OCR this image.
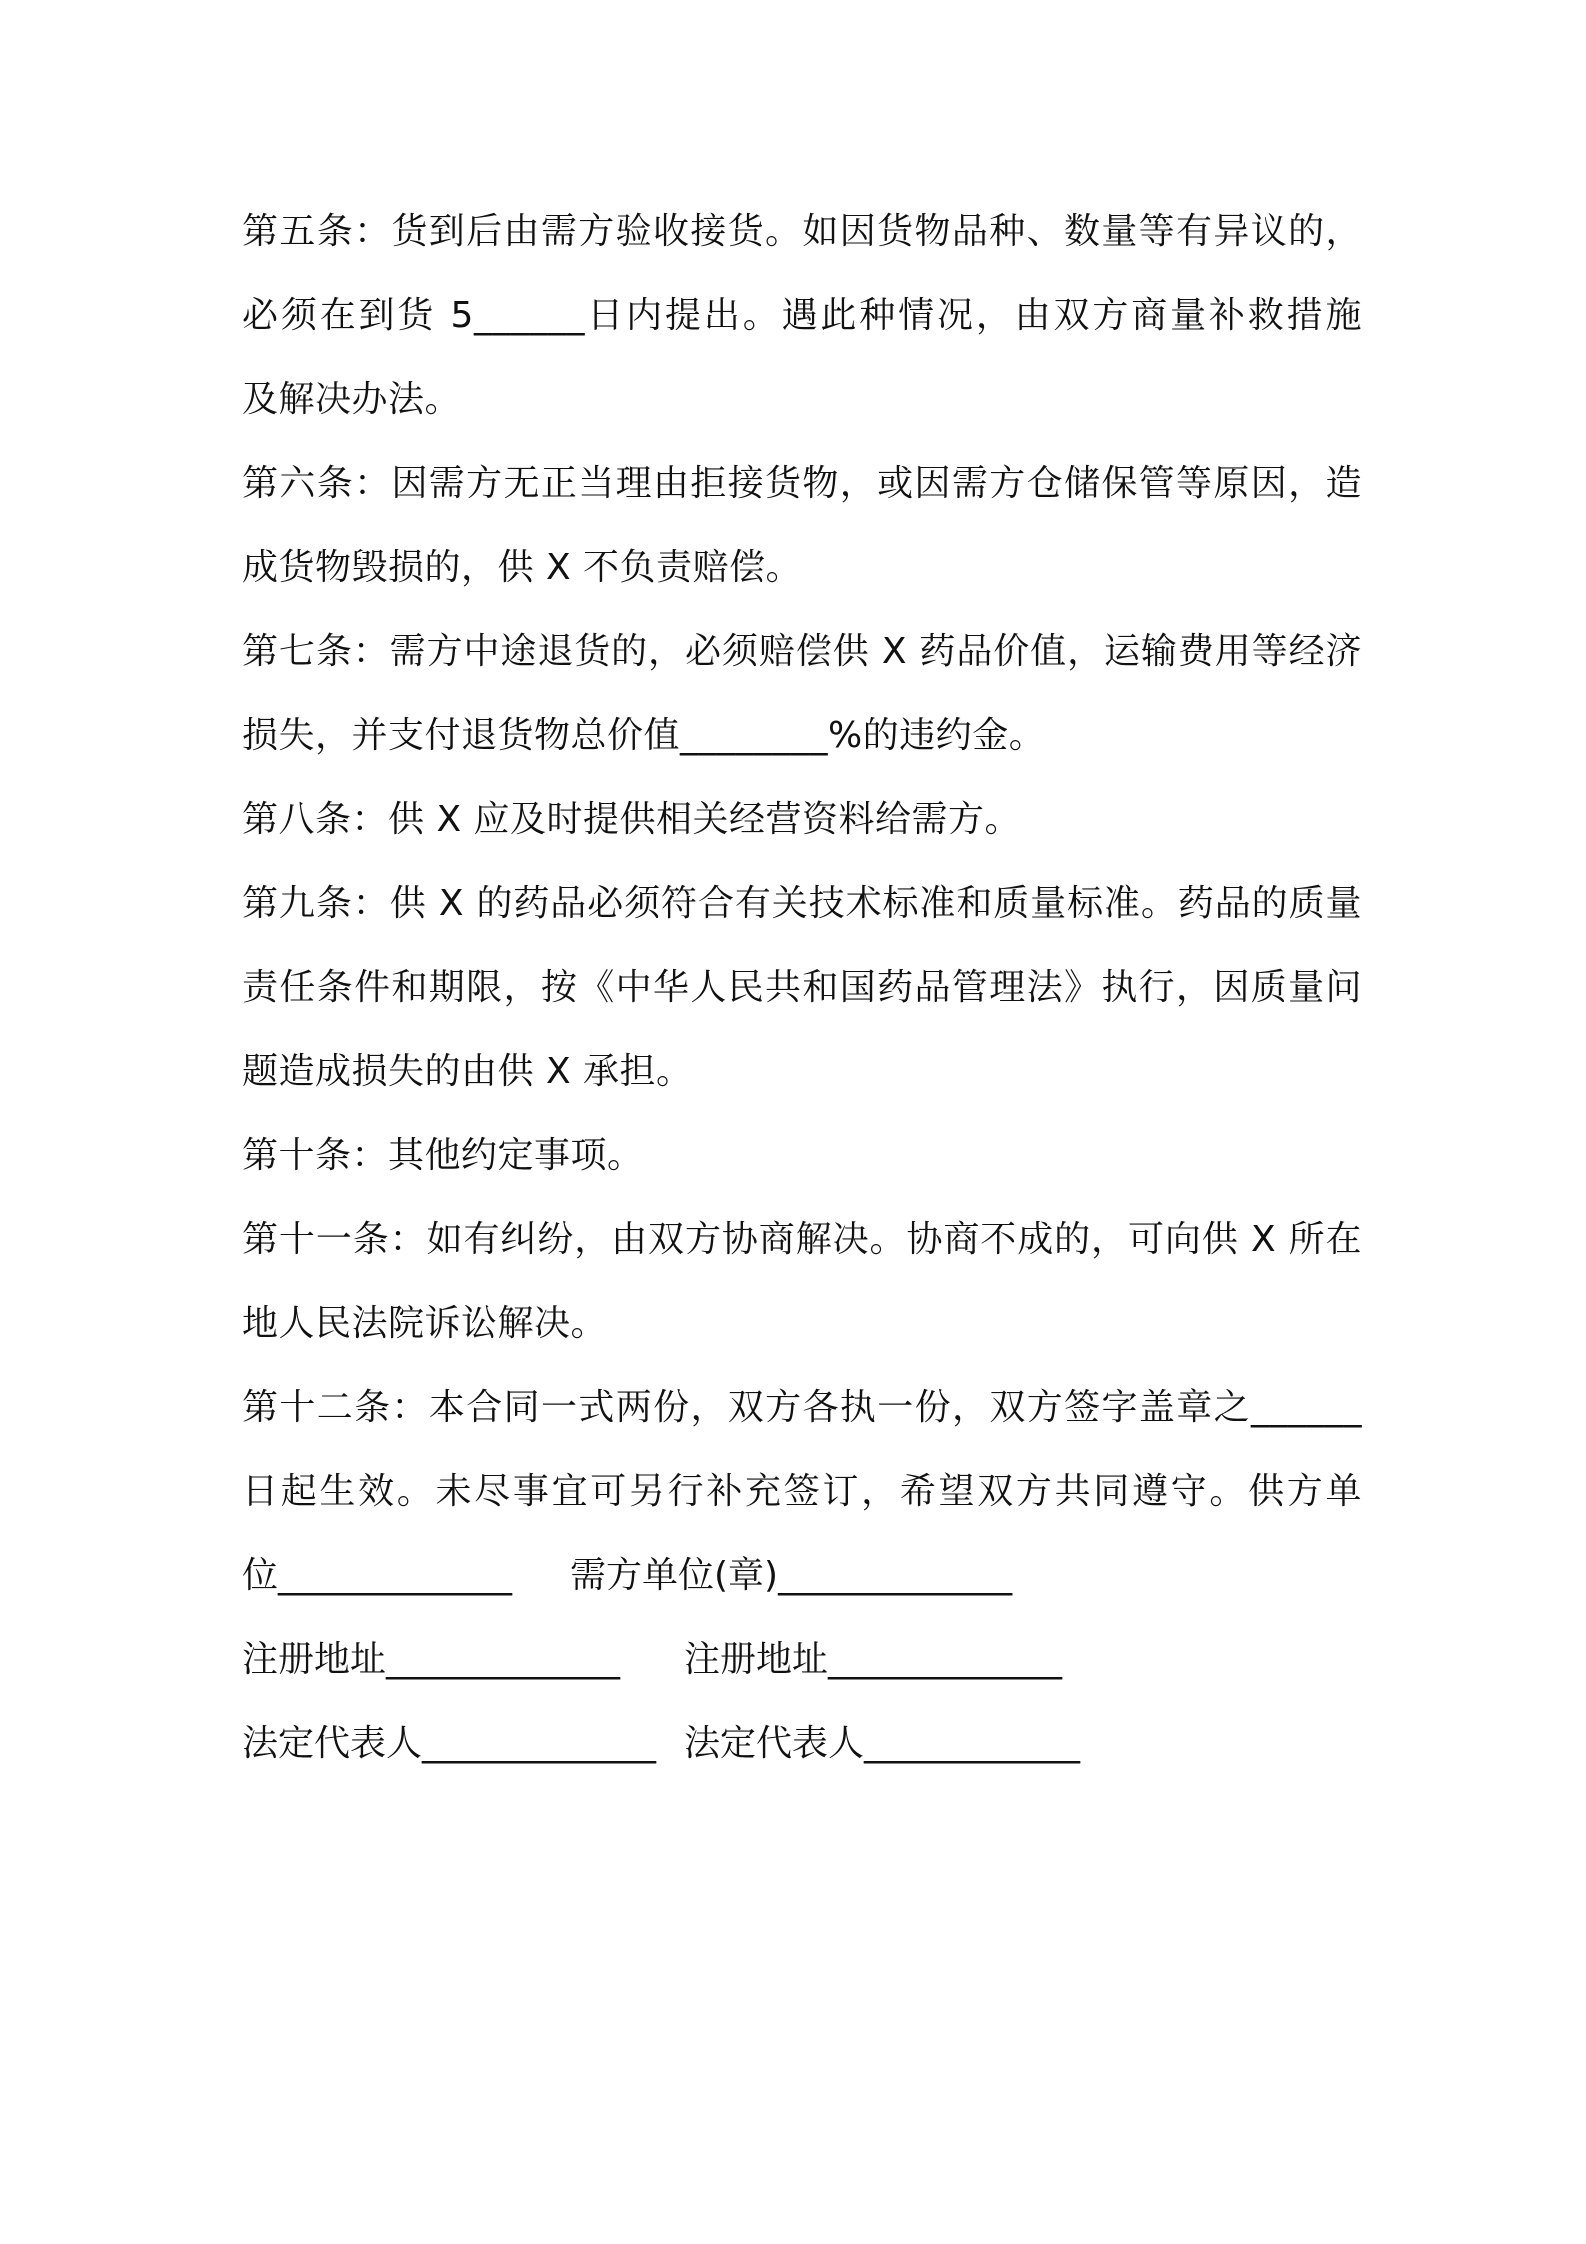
第五条：货到后由需方验收接货。如因货物品种、数量等有异议的，
必须在到货 5______日内提出。遇此种情况，由双方商量补救措施
及解决办法。
第六条：因需方无正当理由拒接货物，或因需方仓储保管等原因，造
成货物毁损的，供 X 不负责赔偿。
第七条：需方中途退货的，必须赔偿供 X 药品价值，运输费用等经济
损失，并支付退货物总价值________%的违约金。
第八条：供 X 应及时提供相关经营资料给需方。
第九条：供 X 的药品必须符合有关技术标准和质量标准。药品的质量
责任条件和期限，按《中华人民共和国药品管理法》执行，因质量问
题造成损失的由供 X 承担。
第十条：其他约定事项。
第十一条：如有纠纷，由双方协商解决。协商不成的，可向供 X 所在
地人民法院诉讼解决。
第十二条：本合同一式两份，双方各执一份，双方签字盖章之______
日起生效。未尽事宜可另行补充签订，希望双方共同遵守。供方单
位_____________ 需方单位(章)_____________
注册地址_____________ 注册地址_____________
法定代表人_____________ 法定代表人____________
